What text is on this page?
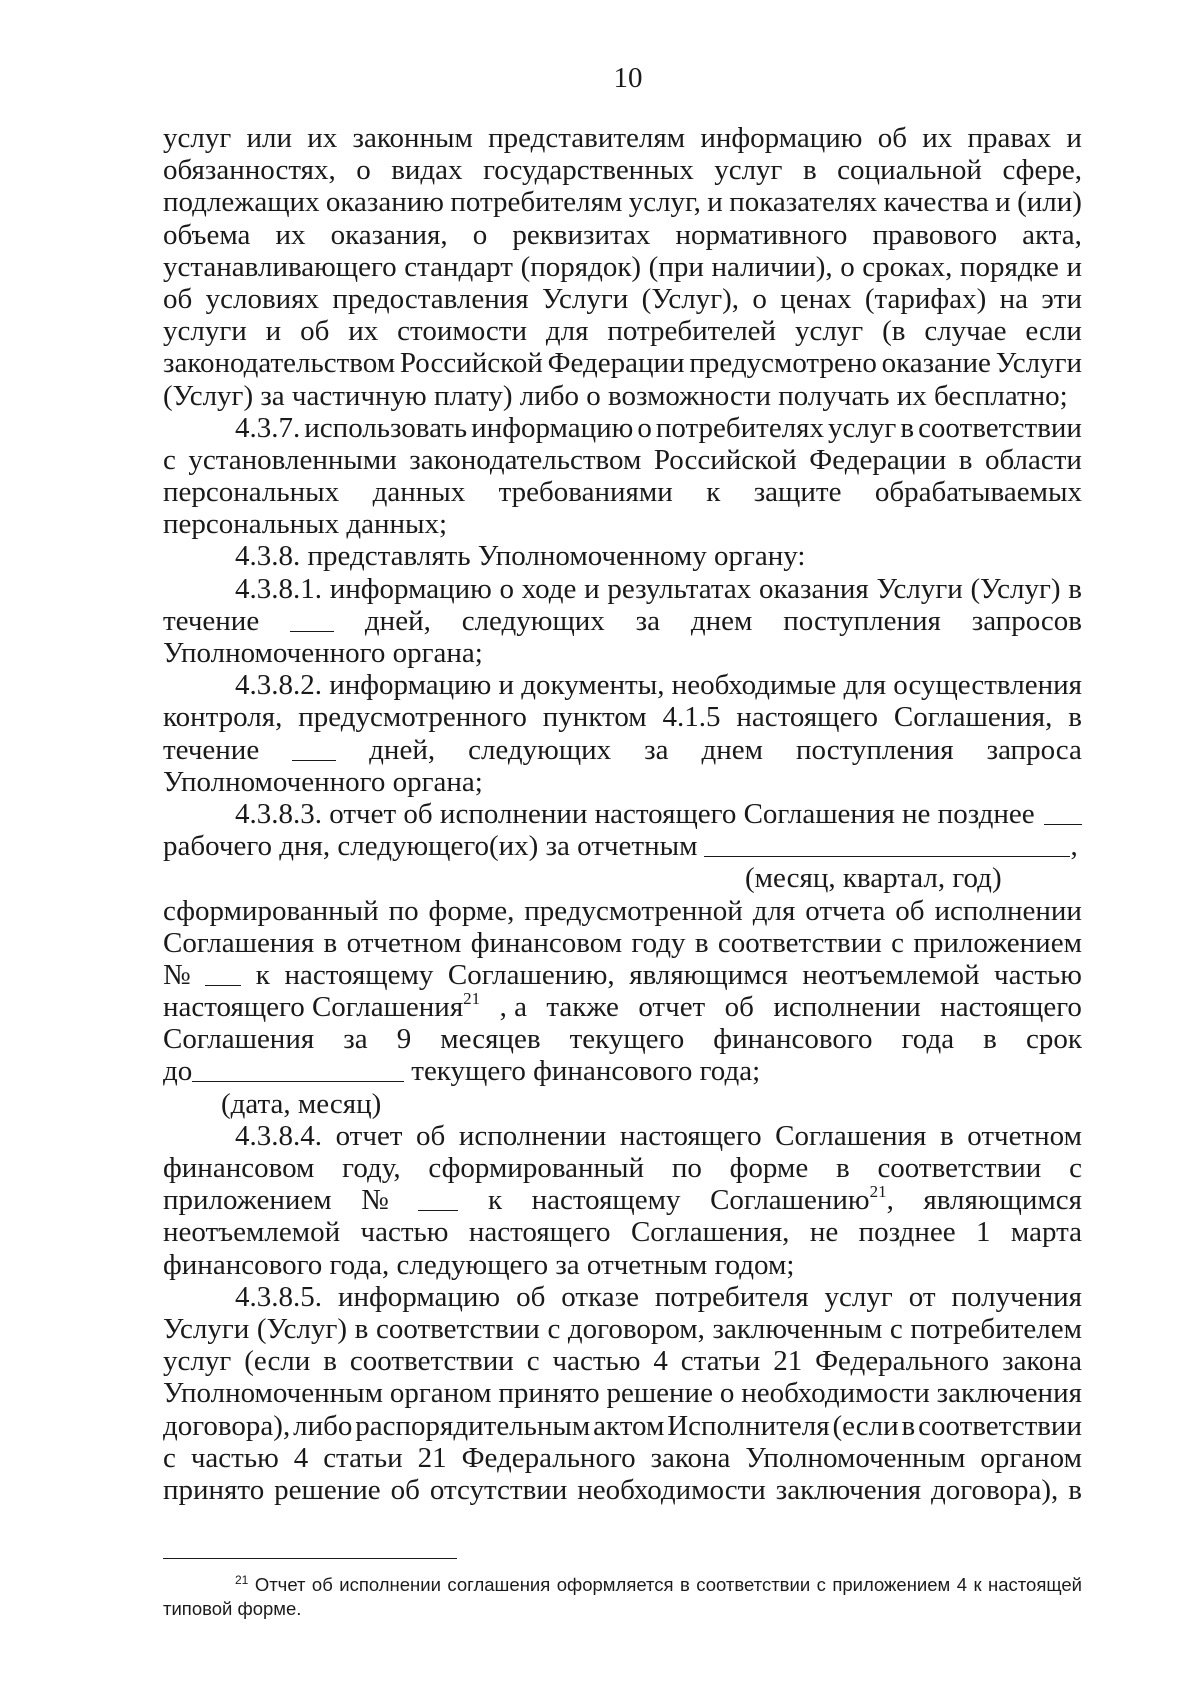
10
услуг или их законным представителям информацию об их правах и
обязанностях, о видах государственных услуг в социальной сфере,
подлежащих оказанию потребителям услуг, и показателях качества и (или)
объема их оказания, о реквизитах нормативного правового акта,
устанавливающего стандарт (порядок) (при наличии), о сроках, порядке и
об условиях предоставления Услуги (Услуг), о ценах (тарифах) на эти
услуги и об их стоимости для потребителей услуг (в случае если
законодательством Российской Федерации предусмотрено оказание Услуги
(Услуг) за частичную плату) либо о возможности получать их бесплатно;
4.3.7. использовать информацию о потребителях услуг в соответствии
с установленными законодательством Российской Федерации в области
персональных данных требованиями к защите обрабатываемых
персональных данных;
4.3.8. представлять Уполномоченному органу:
4.3.8.1. информацию о ходе и результатах оказания Услуги (Услуг) в
течение	дней, следующих за днем поступления запросов
Уполномоченного органа;
4.3.8.2. информацию и документы, необходимые для осуществления
контроля, предусмотренного пунктом 4.1.5 настоящего Соглашения, в
течение	дней, следующих за днем поступления запроса
Уполномоченного органа;
4.3.8.3. отчет об исполнении настоящего Соглашения не позднее
рабочего дня, следующего(их) за отчетным	,
(месяц, квартал, год)
сформированный по форме, предусмотренной для отчета об исполнении
Соглашения в отчетном финансовом году в соответствии с приложением
№ к настоящему Соглашению, являющимся неотъемлемой частью
настоящего Соглашения$^{21}$ , а также отчет об исполнении настоящего
Соглашения за 9 месяцев текущего финансового года в срок
до	текущего финансового года;
(дата, месяц)
4.3.8.4. отчет об исполнении настоящего Соглашения в отчетном
финансовом году, сформированный по форме в соответствии с
приложением №	к настоящему Соглашению$^{21}$, являющимся
неотъемлемой частью настоящего Соглашения, не позднее 1 марта
финансового года, следующего за отчетным годом;
4.3.8.5. информацию об отказе потребителя услуг от получения
Услуги (Услуг) в соответствии с договором, заключенным с потребителем
услуг (если в соответствии с частью 4 статьи 21 Федерального закона
Уполномоченным органом принято решение о необходимости заключения
договора), либо распорядительным актом Исполнителя (если в соответствии
с частью 4 статьи 21 Федерального закона Уполномоченным органом
принято решение об отсутствии необходимости заключения договора), в
$^{21}$ Отчет об исполнении соглашения оформляется в соответствии с приложением 4 к настоящей
типовой форме.
